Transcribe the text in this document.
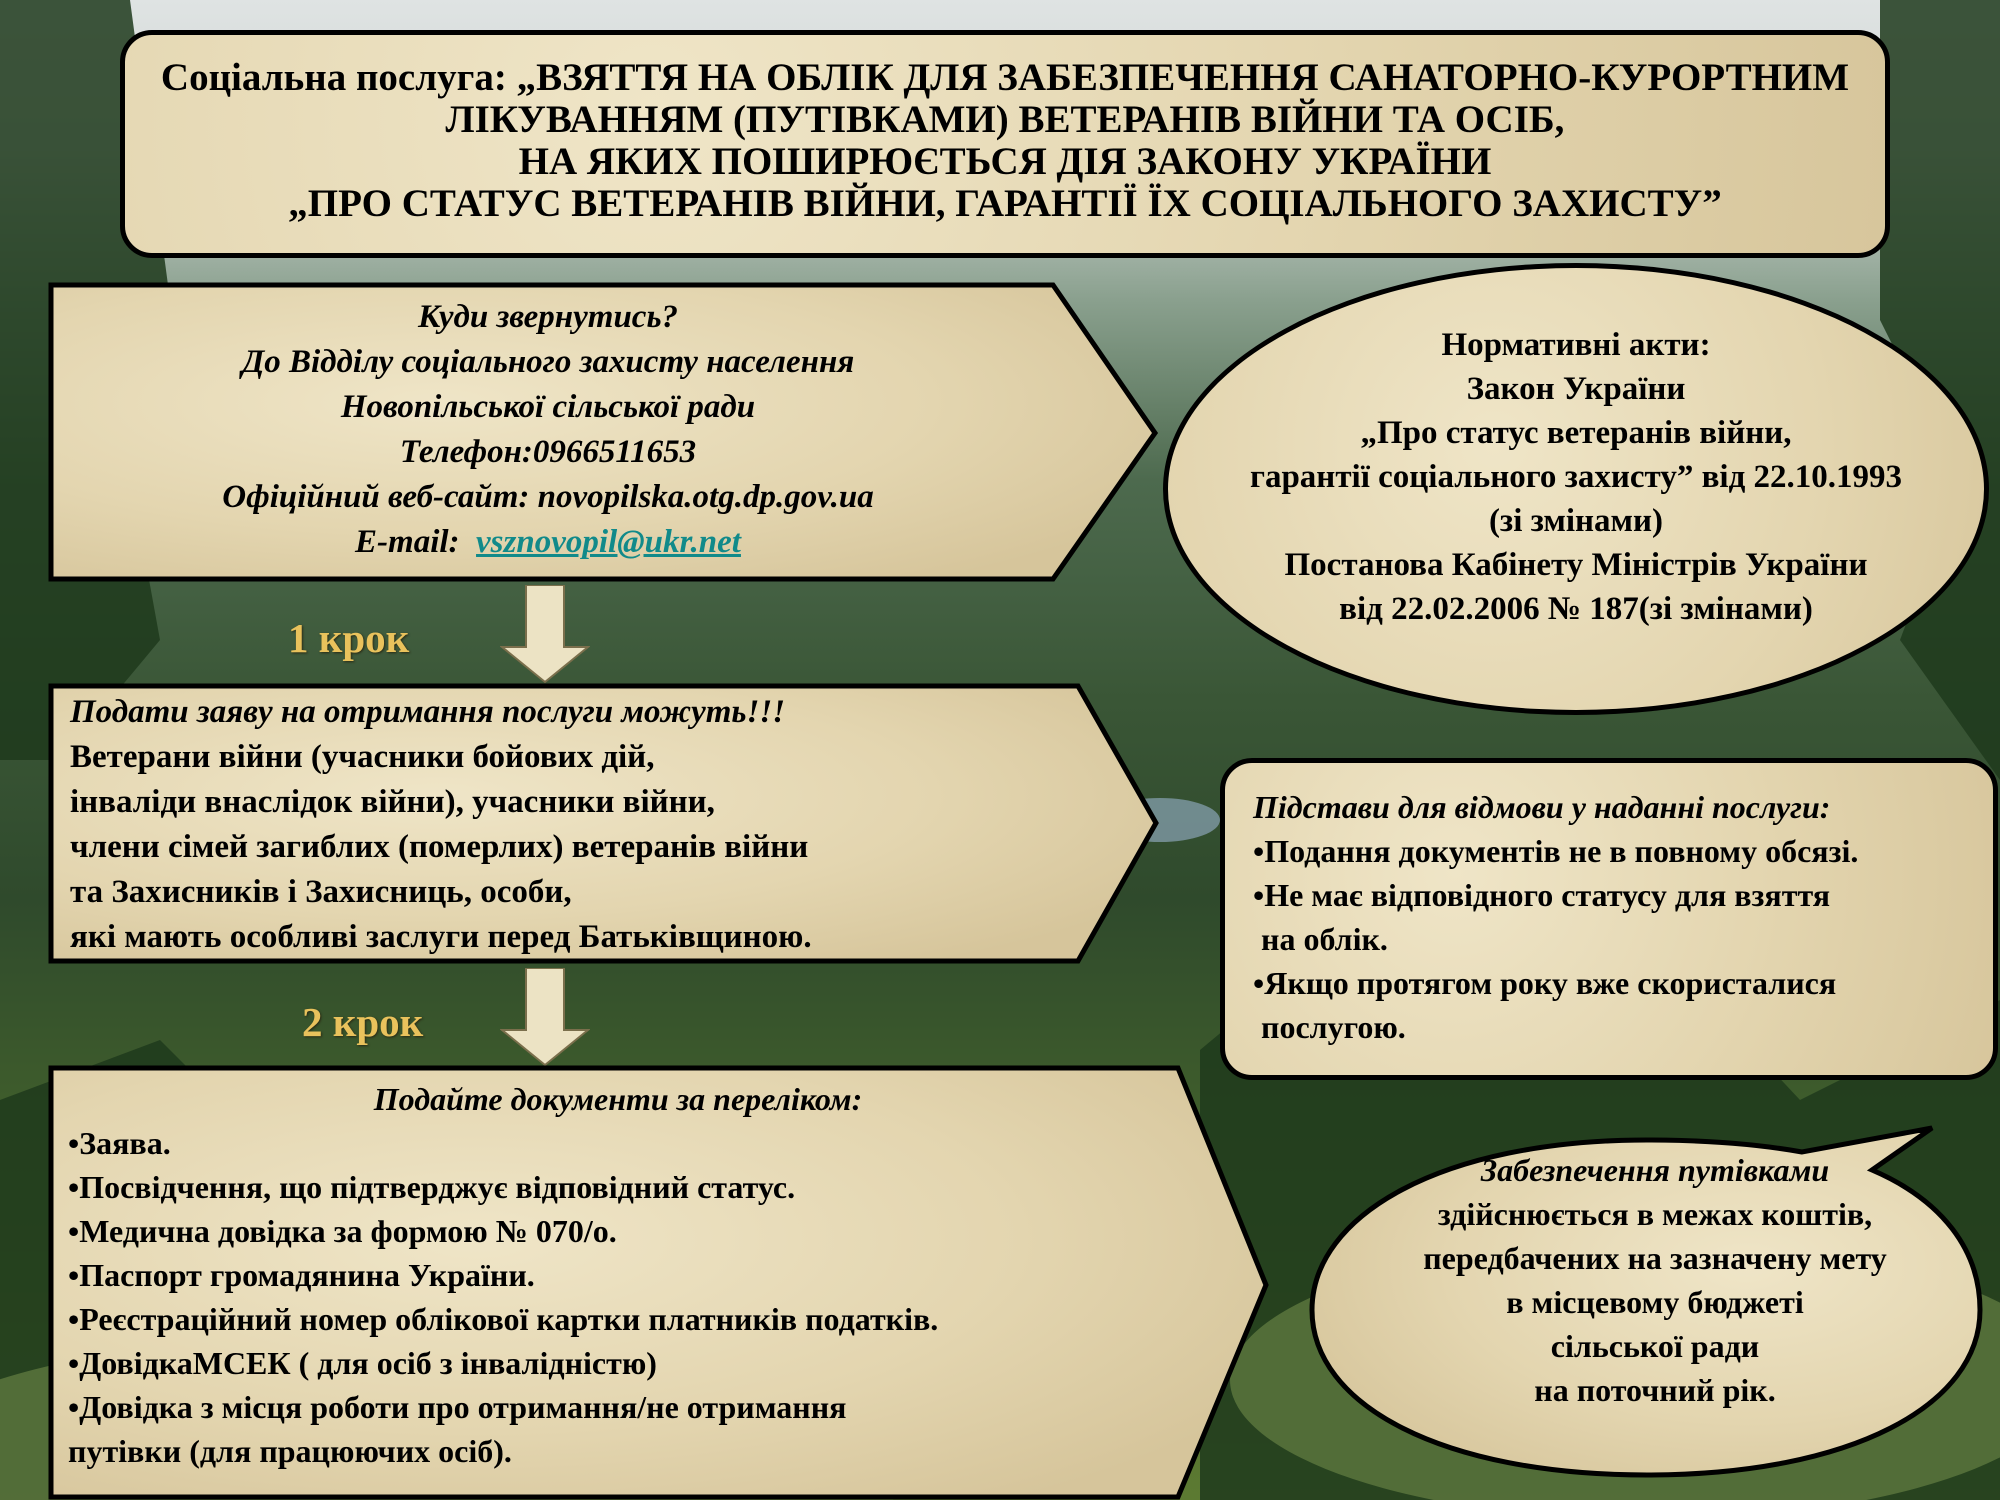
Соціальна послуга: „ВЗЯТТЯ НА ОБЛІК ДЛЯ ЗАБЕЗПЕЧЕННЯ САНАТОРНО-КУРОРТНИМ
ЛІКУВАННЯМ (ПУТІВКАМИ) ВЕТЕРАНІВ ВІЙНИ ТА ОСІБ,
НА ЯКИХ ПОШИРЮЄТЬСЯ ДІЯ ЗАКОНУ УКРАЇНИ
„ПРО СТАТУС ВЕТЕРАНІВ ВІЙНИ, ГАРАНТІЇ ЇХ СОЦІАЛЬНОГО ЗАХИСТУ”
Куди звернутись?
До Відділу соціального захисту населення
Новопільської сільської ради
Телефон:0966511653
Офіційний веб-сайт: novopilska.otg.dp.gov.ua
E-mail: vsznovopil@ukr.net
Нормативні акти:
Закон України
„Про статус ветеранів війни,
гарантії соціального захисту” від 22.10.1993
(зі змінами)
Постанова Кабінету Міністрів України
від 22.02.2006 № 187(зі змінами)
1 крок
2 крок
Подати заяву на отримання послуги можуть!!!
Ветерани війни (учасники бойових дій,
інваліди внаслідок війни), учасники війни,
члени сімей загиблих (померлих) ветеранів війни
та Захисників і Захисниць, особи,
які мають особливі заслуги перед Батьківщиною.
Підстави для відмови у наданні послуги:
•Подання документів не в повному обсязі.
•Не має відповідного статусу для взяття
на облік.
•Якщо протягом року вже скористалися
послугою.
Подайте документи за переліком:
•Заява.
•Посвідчення, що підтверджує відповідний статус.
•Медична довідка за формою № 070/о.
•Паспорт громадянина України.
•Реєстраційний номер облікової картки платників податків.
•ДовідкаМСЕК ( для осіб з інвалідністю)
•Довідка з місця роботи про отримання/не отримання
путівки (для працюючих осіб).
Забезпечення путівками
здійснюється в межах коштів,
передбачених на зазначену мету
в місцевому бюджеті
сільської ради
на поточний рік.
